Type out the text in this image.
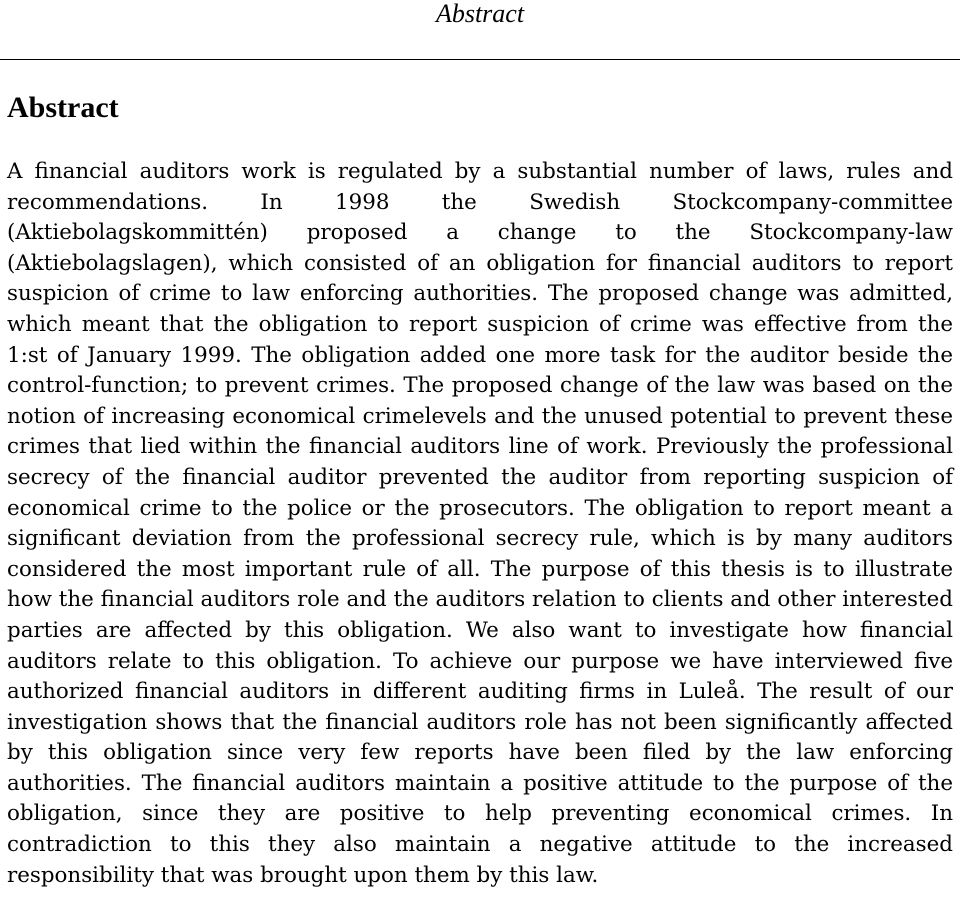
Abstract
Abstract

A financial auditors work is regulated by a substantial number of laws, rules and recommendations. In 1998 the Swedish Stockcompany-committee (Aktiebolagskommittén) proposed a change to the Stockcompany-law (Aktiebolagslagen), which consisted of an obligation for financial auditors to report suspicion of crime to law enforcing authorities. The proposed change was admitted, which meant that the obligation to report suspicion of crime was effective from the 1:st of January 1999. The obligation added one more task for the auditor beside the control-function; to prevent crimes. The proposed change of the law was based on the notion of increasing economical crimelevels and the unused potential to prevent these crimes that lied within the financial auditors line of work. Previously the professional secrecy of the financial auditor prevented the auditor from reporting suspicion of economical crime to the police or the prosecutors. The obligation to report meant a significant deviation from the professional secrecy rule, which is by many auditors considered the most important rule of all. The purpose of this thesis is to illustrate how the financial auditors role and the auditors relation to clients and other interested parties are affected by this obligation. We also want to investigate how financial auditors relate to this obligation. To achieve our purpose we have interviewed five authorized financial auditors in different auditing firms in Luleå. The result of our investigation shows that the financial auditors role has not been significantly affected by this obligation since very few reports have been filed by the law enforcing authorities. The financial auditors maintain a positive attitude to the purpose of the obligation, since they are positive to help preventing economical crimes. In contradiction to this they also maintain a negative attitude to the increased responsibility that was brought upon them by this law.
